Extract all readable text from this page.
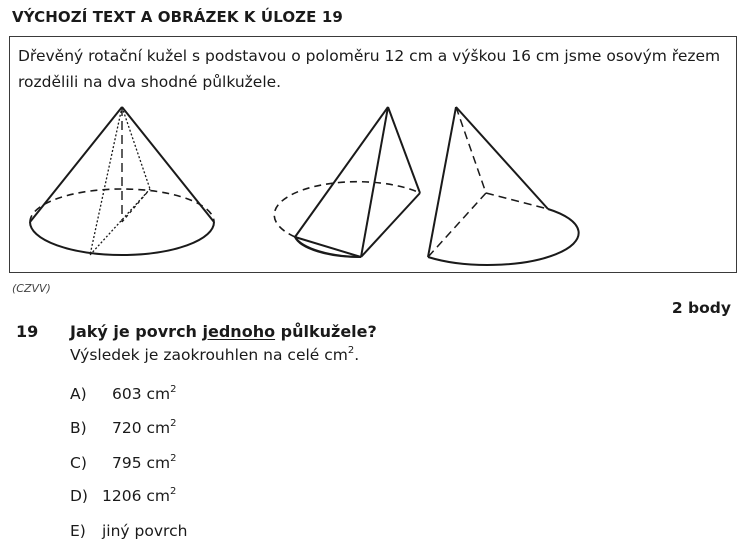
VÝCHOZÍ TEXT A OBRÁZEK K ÚLOZE 19
Dřevěný rotační kužel s podstavou o poloměru 12 cm a výškou 16 cm jsme osovým řezem rozdělili na dva shodné půlkužele.
(CZVV)
2 body
19 Jaký je povrch jednoho půlkužele?
Výsledek je zaokrouhlen na celé $cm^2$.
A) 603 $cm^2$
B) 720 $cm^2$
C) 795 $cm^2$
D) 1206 $cm^2$
E) jiný povrch
